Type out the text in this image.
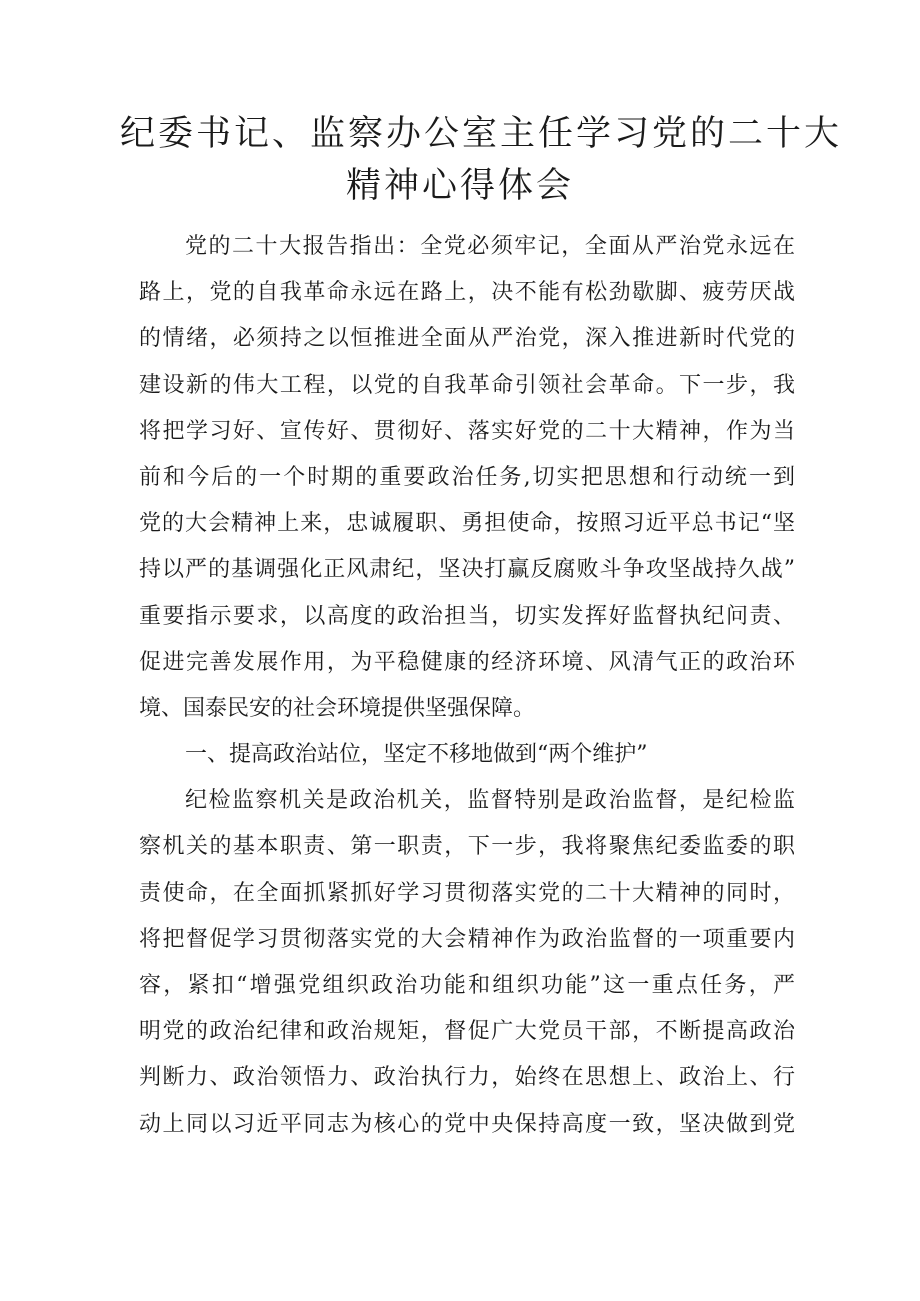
纪委书记、监察办公室主任学习党的二十大
精神心得体会
党的二十大报告指出：全党必须牢记，全面从严治党永远在
路上，党的自我革命永远在路上，决不能有松劲歇脚、疲劳厌战
的情绪，必须持之以恒推进全面从严治党，深入推进新时代党的
建设新的伟大工程，以党的自我革命引领社会革命。下一步，我
将把学习好、宣传好、贯彻好、落实好党的二十大精神，作为当
前和今后的一个时期的重要政治任务,切实把思想和行动统一到
党的大会精神上来，忠诚履职、勇担使命，按照习近平总书记“坚
持以严的基调强化正风肃纪，坚决打赢反腐败斗争攻坚战持久战”
重要指示要求，以高度的政治担当，切实发挥好监督执纪问责、
促进完善发展作用，为平稳健康的经济环境、风清气正的政治环
境、国泰民安的社会环境提供坚强保障。
一、提高政治站位，坚定不移地做到“两个维护”
纪检监察机关是政治机关，监督特别是政治监督，是纪检监
察机关的基本职责、第一职责，下一步，我将聚焦纪委监委的职
责使命，在全面抓紧抓好学习贯彻落实党的二十大精神的同时，
将把督促学习贯彻落实党的大会精神作为政治监督的一项重要内
容，紧扣“增强党组织政治功能和组织功能”这一重点任务，严
明党的政治纪律和政治规矩，督促广大党员干部，不断提高政治
判断力、政治领悟力、政治执行力，始终在思想上、政治上、行
动上同以习近平同志为核心的党中央保持高度一致，坚决做到党
